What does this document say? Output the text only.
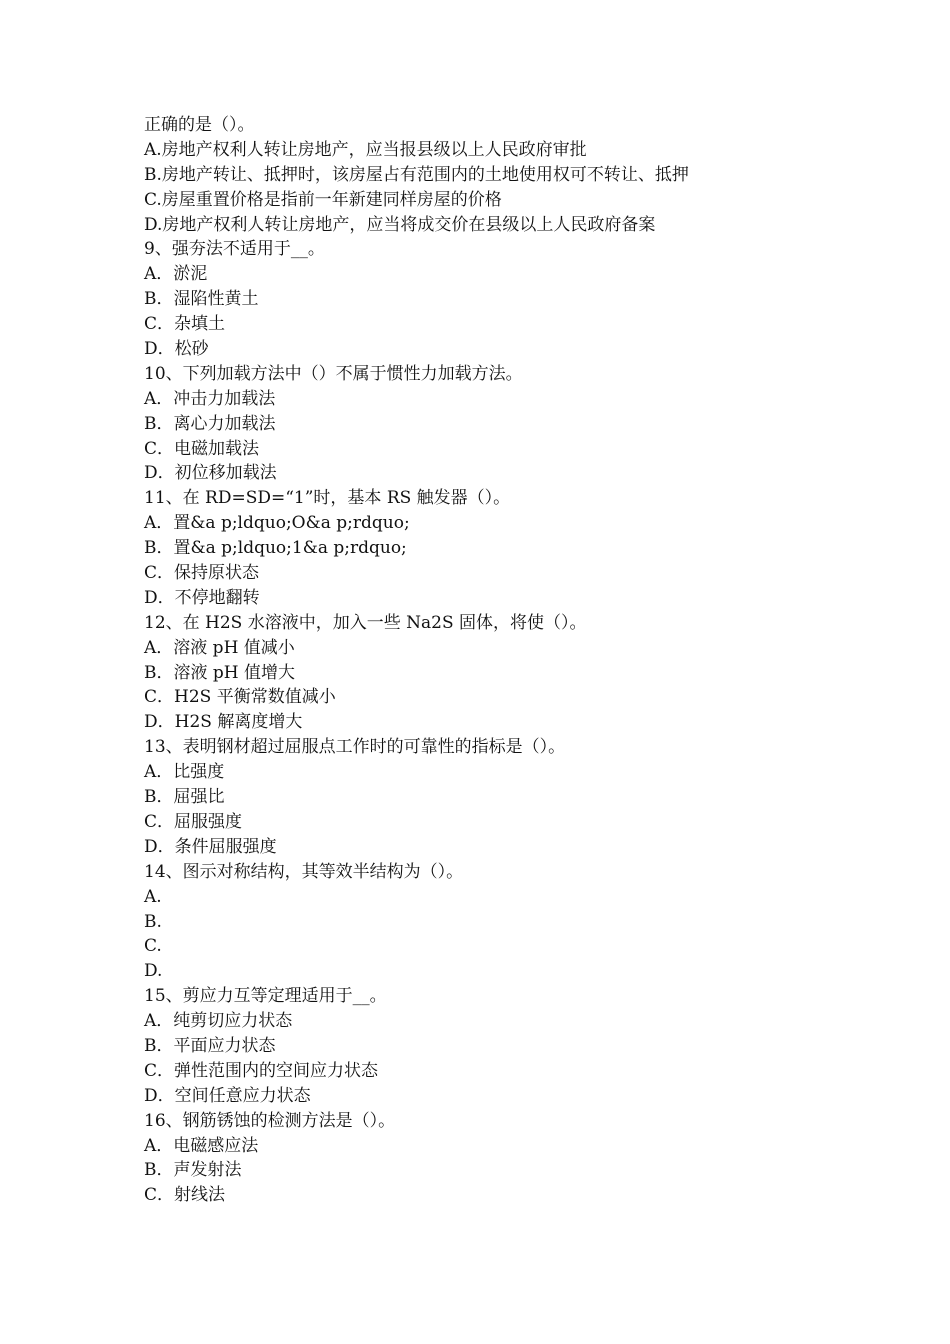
正确的是（）。
A.房地产权利人转让房地产，应当报县级以上人民政府审批
B.房地产转让、抵押时，该房屋占有范围内的土地使用权可不转让、抵押
C.房屋重置价格是指前一年新建同样房屋的价格
D.房地产权利人转让房地产，应当将成交价在县级以上人民政府备案
9、强夯法不适用于__。
A．淤泥
B．湿陷性黄土
C．杂填土
D．松砂
10、下列加载方法中（）不属于惯性力加载方法。
A．冲击力加载法
B．离心力加载法
C．电磁加载法
D．初位移加载法
11、在 RD=SD=“1”时，基本 RS 触发器（）。
A．置&a p;ldquo;O&a p;rdquo;
B．置&a p;ldquo;1&a p;rdquo;
C．保持原状态
D．不停地翻转
12、在 H2S 水溶液中，加入一些 Na2S 固体，将使（）。
A．溶液 pH 值减小
B．溶液 pH 值增大
C．H2S 平衡常数值减小
D．H2S 解离度增大
13、表明钢材超过屈服点工作时的可靠性的指标是（）。
A．比强度
B．屈强比
C．屈服强度
D．条件屈服强度
14、图示对称结构，其等效半结构为（）。
A.
B.
C.
D.
15、剪应力互等定理适用于__。
A．纯剪切应力状态
B．平面应力状态
C．弹性范围内的空间应力状态
D．空间任意应力状态
16、钢筋锈蚀的检测方法是（）。
A．电磁感应法
B．声发射法
C．射线法
